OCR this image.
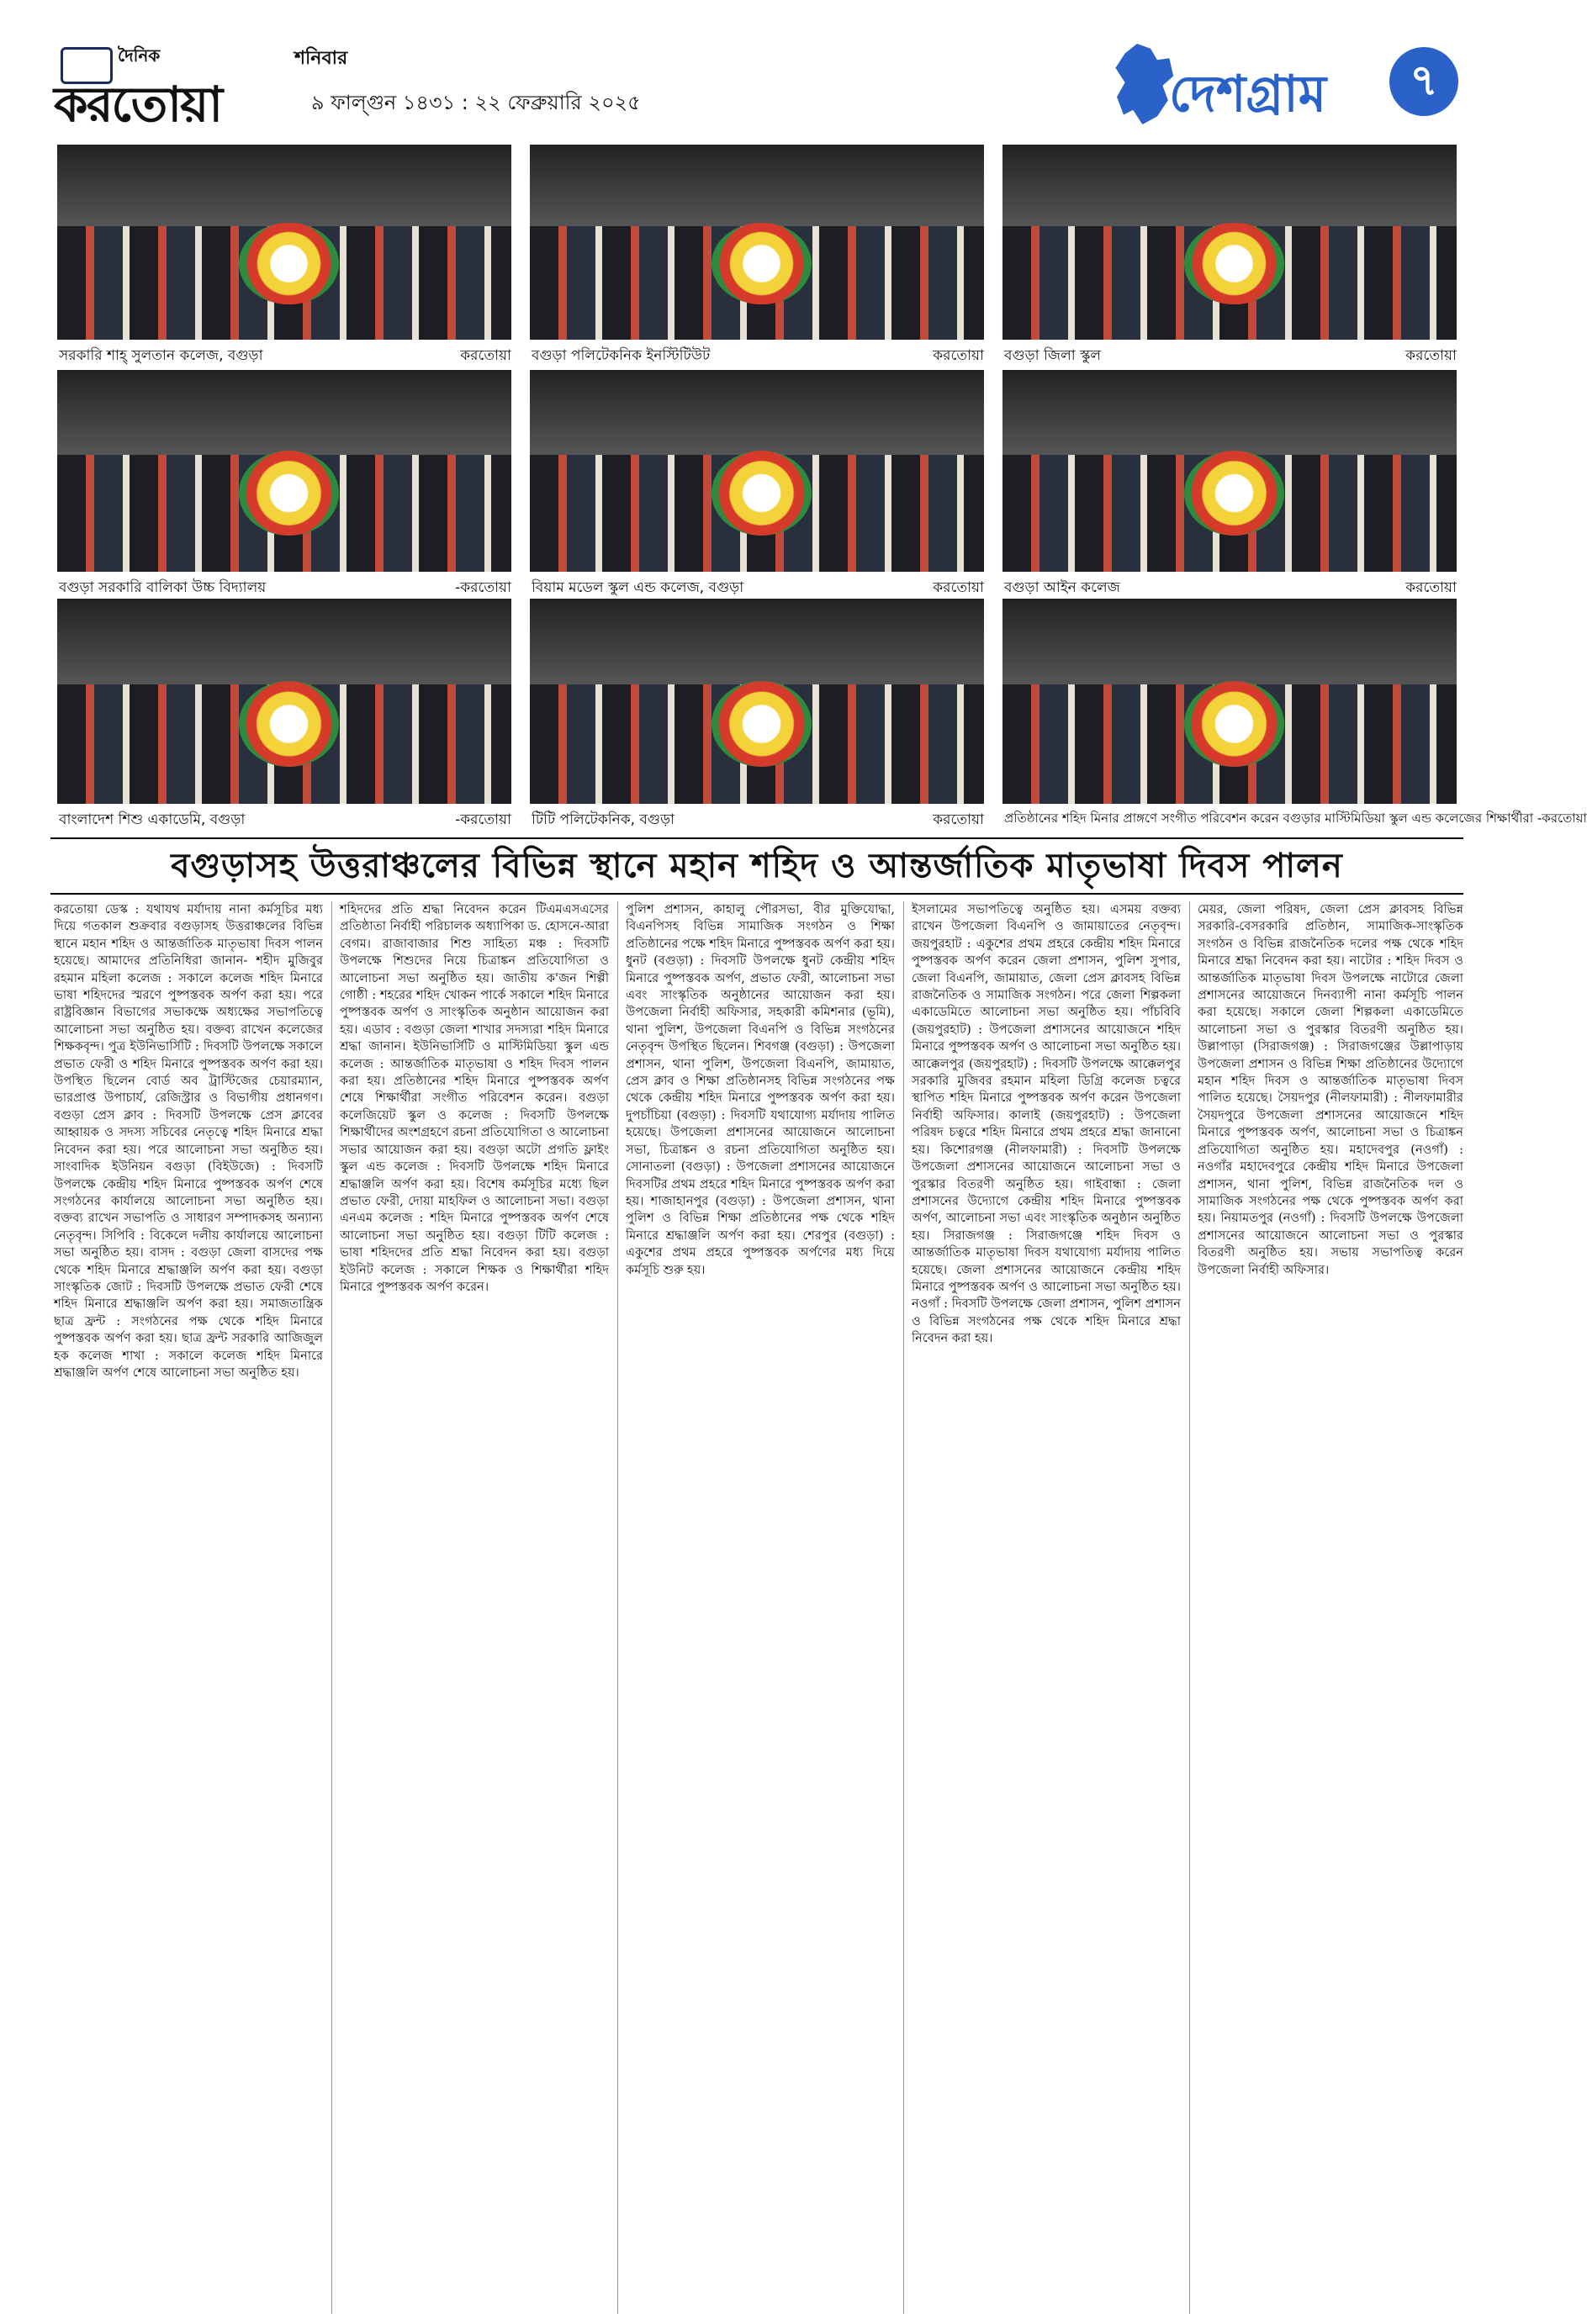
দৈনিক
করতোয়া
শনিবার
৯ ফাল্গুন ১৪৩১ : ২২ ফেব্রুয়ারি ২০২৫	দেশগ্রাম	৭
সরকারি শাহ্ সুলতান কলেজ, বগুড়া	করতোয়া বগুড়া পলিটেকনিক ইনস্টিটিউট	করতোয়া বগুড়া জিলা স্কুল	করতোয়া
বগুড়া সরকারি বালিকা উচ্চ বিদ্যালয়	-করতোয়া বিয়াম মডেল স্কুল এন্ড কলেজ, বগুড়া	করতোয়া বগুড়া আইন কলেজ	করতোয়া
বাংলাদেশ শিশু একাডেমি, বগুড়া	-করতোয়া টিটি পলিটেকনিক, বগুড়া	করতোয়া প্রতিষ্ঠানের শহিদ মিনার প্রাঙ্গণে সংগীত পরিবেশন করেন বগুড়ার মাস্টিমিডিয়া স্কুল এন্ড কলেজের শিক্ষার্থীরা -করতোয়া
বগুড়াসহ উত্তরাঞ্চলের বিভিন্ন স্থানে মহান শহিদ ও আন্তর্জাতিক মাতৃভাষা দিবস পালন

করতোয়া ডেস্ক : যথাযথ মর্যাদায় নানা কর্মসূচির মধ্য দিয়ে গতকাল শুক্রবার বগুড়াসহ উত্তরাঞ্চলের বিভিন্ন স্থানে মহান শহিদ ও আন্তর্জাতিক মাতৃভাষা দিবস পালন হয়েছে। আমাদের প্রতিনিধিরা জানান- শহীদ মুজিবুর রহমান মহিলা কলেজ : সকালে কলেজ শহিদ মিনারে ভাষা শহিদদের স্মরণে পুষ্পস্তবক অর্পণ করা হয়। পরে রাষ্ট্রবিজ্ঞান বিভাগের সভাকক্ষে অধ্যক্ষের সভাপতিত্বে আলোচনা সভা অনুষ্ঠিত হয়। বক্তব্য রাখেন কলেজের শিক্ষকবৃন্দ। পুত্র ইউনিভার্সিটি : দিবসটি উপলক্ষে সকালে প্রভাত ফেরী ও শহিদ মিনারে পুষ্পস্তবক অর্পণ করা হয়। উপস্থিত ছিলেন বোর্ড অব ট্রাস্টিজের চেয়ারম্যান, ভারপ্রাপ্ত উপাচার্য, রেজিস্ট্রার ও বিভাগীয় প্রধানগণ। বগুড়া প্রেস ক্লাব : দিবসটি উপলক্ষে প্রেস ক্লাবের আহ্বায়ক ও সদস্য সচিবের নেতৃত্বে শহিদ মিনারে শ্রদ্ধা নিবেদন করা হয়। পরে আলোচনা সভা অনুষ্ঠিত হয়। সাংবাদিক ইউনিয়ন বগুড়া (বিইউজে) : দিবসটি উপলক্ষে কেন্দ্রীয় শহিদ মিনারে পুষ্পস্তবক অর্পণ শেষে সংগঠনের কার্যালয়ে আলোচনা সভা অনুষ্ঠিত হয়। বক্তব্য রাখেন সভাপতি ও সাধারণ সম্পাদকসহ অন্যান্য নেতৃবৃন্দ। সিপিবি : বিকেলে দলীয় কার্যালয়ে আলোচনা সভা অনুষ্ঠিত হয়। বাসদ : বগুড়া জেলা বাসদের পক্ষ থেকে শহিদ মিনারে শ্রদ্ধাঞ্জলি অর্পণ করা হয়। বগুড়া সাংস্কৃতিক জোট : দিবসটি উপলক্ষে প্রভাত ফেরী শেষে শহিদ মিনারে শ্রদ্ধাঞ্জলি অর্পণ করা হয়। সমাজতান্ত্রিক ছাত্র ফ্রন্ট : সংগঠনের পক্ষ থেকে শহিদ মিনারে পুষ্পস্তবক অর্পণ করা হয়। ছাত্র ফ্রন্ট সরকারি আজিজুল হক কলেজ শাখা : সকালে কলেজ শহিদ মিনারে শ্রদ্ধাঞ্জলি অর্পণ শেষে আলোচনা সভা অনুষ্ঠিত হয়।

শহিদদের প্রতি শ্রদ্ধা নিবেদন করেন টিএমএসএসের প্রতিষ্ঠাতা নির্বাহী পরিচালক অধ্যাপিকা ড. হোসনে-আরা বেগম। রাজাবাজার শিশু সাহিত্য মঞ্চ : দিবসটি উপলক্ষে শিশুদের নিয়ে চিত্রাঙ্কন প্রতিযোগিতা ও আলোচনা সভা অনুষ্ঠিত হয়। জাতীয় ক'জন শিল্পী গোষ্ঠী : শহরের শহিদ খোকন পার্কে সকালে শহিদ মিনারে পুষ্পস্তবক অর্পণ ও সাংস্কৃতিক অনুষ্ঠান আয়োজন করা হয়। এডাব : বগুড়া জেলা শাখার সদস্যরা শহিদ মিনারে শ্রদ্ধা জানান। ইউনিভার্সিটি ও মাস্টিমিডিয়া স্কুল এন্ড কলেজ : আন্তর্জাতিক মাতৃভাষা ও শহিদ দিবস পালন করা হয়। প্রতিষ্ঠানের শহিদ মিনারে পুষ্পস্তবক অর্পণ শেষে শিক্ষার্থীরা সংগীত পরিবেশন করেন। বগুড়া কলেজিয়েট স্কুল ও কলেজ : দিবসটি উপলক্ষে শিক্ষার্থীদের অংশগ্রহণে রচনা প্রতিযোগিতা ও আলোচনা সভার আয়োজন করা হয়। বগুড়া অটো প্রগতি ফ্লাইং স্কুল এন্ড কলেজ : দিবসটি উপলক্ষে শহিদ মিনারে শ্রদ্ধাঞ্জলি অর্পণ করা হয়। বিশেষ কর্মসূচির মধ্যে ছিল প্রভাত ফেরী, দোয়া মাহফিল ও আলোচনা সভা। বগুড়া এনএম কলেজ : শহিদ মিনারে পুষ্পস্তবক অর্পণ শেষে আলোচনা সভা অনুষ্ঠিত হয়। বগুড়া টিটি কলেজ : ভাষা শহিদদের প্রতি শ্রদ্ধা নিবেদন করা হয়। বগুড়া ইউনিট কলেজ : সকালে শিক্ষক ও শিক্ষার্থীরা শহিদ মিনারে পুষ্পস্তবক অর্পণ করেন।

পুলিশ প্রশাসন, কাহালু পৌরসভা, বীর মুক্তিযোদ্ধা, বিএনপিসহ বিভিন্ন সামাজিক সংগঠন ও শিক্ষা প্রতিষ্ঠানের পক্ষে শহিদ মিনারে পুষ্পস্তবক অর্পণ করা হয়। ধুনট (বগুড়া) : দিবসটি উপলক্ষে ধুনট কেন্দ্রীয় শহিদ মিনারে পুষ্পস্তবক অর্পণ, প্রভাত ফেরী, আলোচনা সভা এবং সাংস্কৃতিক অনুষ্ঠানের আয়োজন করা হয়। উপজেলা নির্বাহী অফিসার, সহকারী কমিশনার (ভূমি), থানা পুলিশ, উপজেলা বিএনপি ও বিভিন্ন সংগঠনের নেতৃবৃন্দ উপস্থিত ছিলেন। শিবগঞ্জ (বগুড়া) : উপজেলা প্রশাসন, থানা পুলিশ, উপজেলা বিএনপি, জামায়াত, প্রেস ক্লাব ও শিক্ষা প্রতিষ্ঠানসহ বিভিন্ন সংগঠনের পক্ষ থেকে কেন্দ্রীয় শহিদ মিনারে পুষ্পস্তবক অর্পণ করা হয়। দুপচাঁচিয়া (বগুড়া) : দিবসটি যথাযোগ্য মর্যাদায় পালিত হয়েছে। উপজেলা প্রশাসনের আয়োজনে আলোচনা সভা, চিত্রাঙ্কন ও রচনা প্রতিযোগিতা অনুষ্ঠিত হয়। সোনাতলা (বগুড়া) : উপজেলা প্রশাসনের আয়োজনে দিবসটির প্রথম প্রহরে শহিদ মিনারে পুষ্পস্তবক অর্পণ করা হয়। শাজাহানপুর (বগুড়া) : উপজেলা প্রশাসন, থানা পুলিশ ও বিভিন্ন শিক্ষা প্রতিষ্ঠানের পক্ষ থেকে শহিদ মিনারে শ্রদ্ধাঞ্জলি অর্পণ করা হয়। শেরপুর (বগুড়া) : একুশের প্রথম প্রহরে পুষ্পস্তবক অর্পণের মধ্য দিয়ে কর্মসূচি শুরু হয়।

ইসলামের সভাপতিত্বে অনুষ্ঠিত হয়। এসময় বক্তব্য রাখেন উপজেলা বিএনপি ও জামায়াতের নেতৃবৃন্দ। জয়পুরহাট : একুশের প্রথম প্রহরে কেন্দ্রীয় শহিদ মিনারে পুষ্পস্তবক অর্পণ করেন জেলা প্রশাসন, পুলিশ সুপার, জেলা বিএনপি, জামায়াত, জেলা প্রেস ক্লাবসহ বিভিন্ন রাজনৈতিক ও সামাজিক সংগঠন। পরে জেলা শিল্পকলা একাডেমিতে আলোচনা সভা অনুষ্ঠিত হয়। পাঁচবিবি (জয়পুরহাট) : উপজেলা প্রশাসনের আয়োজনে শহিদ মিনারে পুষ্পস্তবক অর্পণ ও আলোচনা সভা অনুষ্ঠিত হয়। আক্কেলপুর (জয়পুরহাট) : দিবসটি উপলক্ষে আক্কেলপুর সরকারি মুজিবর রহমান মহিলা ডিগ্রি কলেজ চত্বরে স্থাপিত শহিদ মিনারে পুষ্পস্তবক অর্পণ করেন উপজেলা নির্বাহী অফিসার। কালাই (জয়পুরহাট) : উপজেলা পরিষদ চত্বরে শহিদ মিনারে প্রথম প্রহরে শ্রদ্ধা জানানো হয়। কিশোরগঞ্জ (নীলফামারী) : দিবসটি উপলক্ষে উপজেলা প্রশাসনের আয়োজনে আলোচনা সভা ও পুরস্কার বিতরণী অনুষ্ঠিত হয়। গাইবান্ধা : জেলা প্রশাসনের উদ্যোগে কেন্দ্রীয় শহিদ মিনারে পুষ্পস্তবক অর্পণ, আলোচনা সভা এবং সাংস্কৃতিক অনুষ্ঠান অনুষ্ঠিত হয়। সিরাজগঞ্জ : সিরাজগঞ্জে শহিদ দিবস ও আন্তর্জাতিক মাতৃভাষা দিবস যথাযোগ্য মর্যাদায় পালিত হয়েছে। জেলা প্রশাসনের আয়োজনে কেন্দ্রীয় শহিদ মিনারে পুষ্পস্তবক অর্পণ ও আলোচনা সভা অনুষ্ঠিত হয়। নওগাঁ : দিবসটি উপলক্ষে জেলা প্রশাসন, পুলিশ প্রশাসন ও বিভিন্ন সংগঠনের পক্ষ থেকে শহিদ মিনারে শ্রদ্ধা নিবেদন করা হয়।

মেয়র, জেলা পরিষদ, জেলা প্রেস ক্লাবসহ বিভিন্ন সরকারি-বেসরকারি প্রতিষ্ঠান, সামাজিক-সাংস্কৃতিক সংগঠন ও বিভিন্ন রাজনৈতিক দলের পক্ষ থেকে শহিদ মিনারে শ্রদ্ধা নিবেদন করা হয়। নাটোর : শহিদ দিবস ও আন্তর্জাতিক মাতৃভাষা দিবস উপলক্ষে নাটোরে জেলা প্রশাসনের আয়োজনে দিনব্যাপী নানা কর্মসূচি পালন করা হয়েছে। সকালে জেলা শিল্পকলা একাডেমিতে আলোচনা সভা ও পুরস্কার বিতরণী অনুষ্ঠিত হয়। উল্লাপাড়া (সিরাজগঞ্জ) : সিরাজগঞ্জের উল্লাপাড়ায় উপজেলা প্রশাসন ও বিভিন্ন শিক্ষা প্রতিষ্ঠানের উদ্যোগে মহান শহিদ দিবস ও আন্তর্জাতিক মাতৃভাষা দিবস পালিত হয়েছে। সৈয়দপুর (নীলফামারী) : নীলফামারীর সৈয়দপুরে উপজেলা প্রশাসনের আয়োজনে শহিদ মিনারে পুষ্পস্তবক অর্পণ, আলোচনা সভা ও চিত্রাঙ্কন প্রতিযোগিতা অনুষ্ঠিত হয়। মহাদেবপুর (নওগাঁ) : নওগাঁর মহাদেবপুরে কেন্দ্রীয় শহিদ মিনারে উপজেলা প্রশাসন, থানা পুলিশ, বিভিন্ন রাজনৈতিক দল ও সামাজিক সংগঠনের পক্ষ থেকে পুষ্পস্তবক অর্পণ করা হয়। নিয়ামতপুর (নওগাঁ) : দিবসটি উপলক্ষে উপজেলা প্রশাসনের আয়োজনে আলোচনা সভা ও পুরস্কার বিতরণী অনুষ্ঠিত হয়। সভায় সভাপতিত্ব করেন উপজেলা নির্বাহী অফিসার।
